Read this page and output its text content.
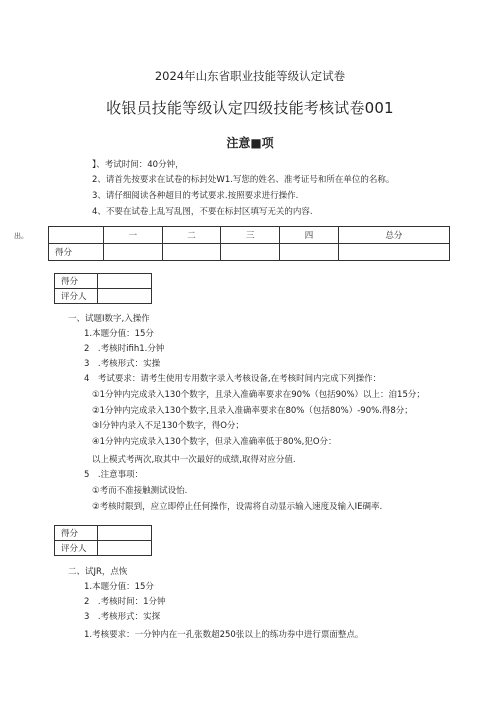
2024年山东省职业技能等级认定试卷
收银员技能等级认定四级技能考核试卷001
注意■项
】、考试时间：40分钟，
2、请首先按要求在试卷的标封处W1.写您的姓名、准考证号和所在单位的名称。
3、请仔细阅读各种超目的考试要求.按照要求进行操作.
4、不要在试卷上乱写乱图，不要在标封区填写无关的内容.
出。
		一	二	三	四	总分
得分					
得分	
评分人	
一、试题I数字,入操作
1.本题分值：15分
2　.考核时ifih1.分钟
3　.考核形式：实操
4　考试要求：请考生使用专用数字录入考核设备,在考核时间内完成下列操作：
①1分钟内完成录入130个数字，且录入准确率要求在90%（包括90%）以上：洎15分；
②1分钟内完成录入130个数字,且录入准确率要求在80%（包括80%）-90%.得8分；
③l分钟内录入不足130个数字，得O分；
④1分钟内完成录入130个数字，但录入准确率低于80%,犯O分：
以上模式考两次,取其中一次最好的成绩,取得对应分值.
5　.注意事项：
①考而不准接触测试设怡.
②考核时限到，应立即停止任何操作，设需将自动显示输入速度及输入IE碉率.
得分	
评分人	
二、试JR，点恢
1.本题分值：15分
2　.考核时间：1分钟
3　.考核形式：实探
1.考核要求：一分钟内在一孔张数超250张以上的练功券中进行票面整点。
